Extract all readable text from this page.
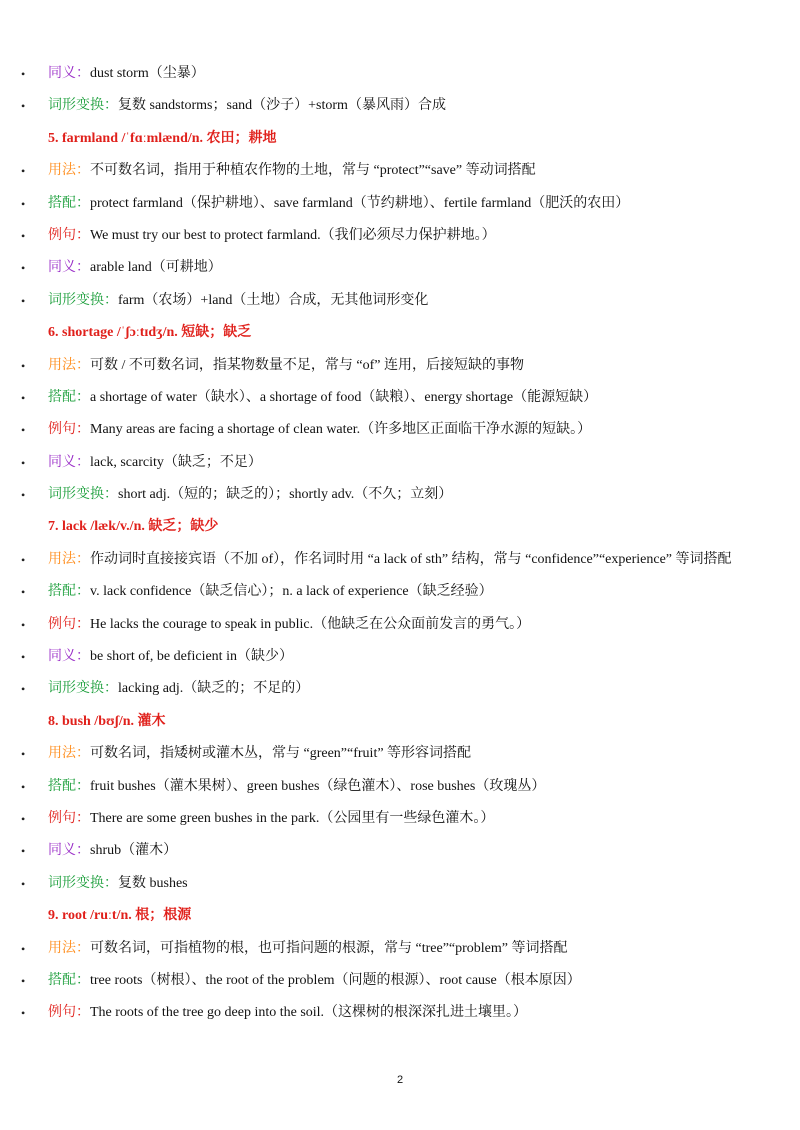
• 同义：dust storm（尘暴）
• 词形变换：复数 sandstorms；sand（沙子）+storm（暴风雨）合成
5. farmland /ˈfɑːmlænd/n. 农田；耕地
• 用法：不可数名词，指用于种植农作物的土地，常与 “protect”“save” 等动词搭配
• 搭配：protect farmland（保护耕地）、save farmland（节约耕地）、fertile farmland（肥沃的农田）
• 例句：We must try our best to protect farmland.（我们必须尽力保护耕地。）
• 同义：arable land（可耕地）
• 词形变换：farm（农场）+land（土地）合成，无其他词形变化
6. shortage /ˈʃɔːtɪdʒ/n. 短缺；缺乏
• 用法：可数 / 不可数名词，指某物数量不足，常与 “of” 连用，后接短缺的事物
• 搭配：a shortage of water（缺水）、a shortage of food（缺粮）、energy shortage（能源短缺）
• 例句：Many areas are facing a shortage of clean water.（许多地区正面临干净水源的短缺。）
• 同义：lack, scarcity（缺乏；不足）
• 词形变换：short adj.（短的；缺乏的）；shortly adv.（不久；立刻）
7. lack /læk/v./n. 缺乏；缺少
• 用法：作动词时直接接宾语（不加 of），作名词时用 “a lack of sth” 结构，常与 “confidence”“experience” 等词搭配
• 搭配：v. lack confidence（缺乏信心）；n. a lack of experience（缺乏经验）
• 例句：He lacks the courage to speak in public.（他缺乏在公众面前发言的勇气。）
• 同义：be short of, be deficient in（缺少）
• 词形变换：lacking adj.（缺乏的；不足的）
8. bush /bʊʃ/n. 灌木
• 用法：可数名词，指矮树或灌木丛，常与 “green”“fruit” 等形容词搭配
• 搭配：fruit bushes（灌木果树）、green bushes（绿色灌木）、rose bushes（玫瑰丛）
• 例句：There are some green bushes in the park.（公园里有一些绿色灌木。）
• 同义：shrub（灌木）
• 词形变换：复数 bushes
9. root /ruːt/n. 根；根源
• 用法：可数名词，可指植物的根，也可指问题的根源，常与 “tree”“problem” 等词搭配
• 搭配：tree roots（树根）、the root of the problem（问题的根源）、root cause（根本原因）
• 例句：The roots of the tree go deep into the soil.（这棵树的根深深扎进土壤里。）
2
